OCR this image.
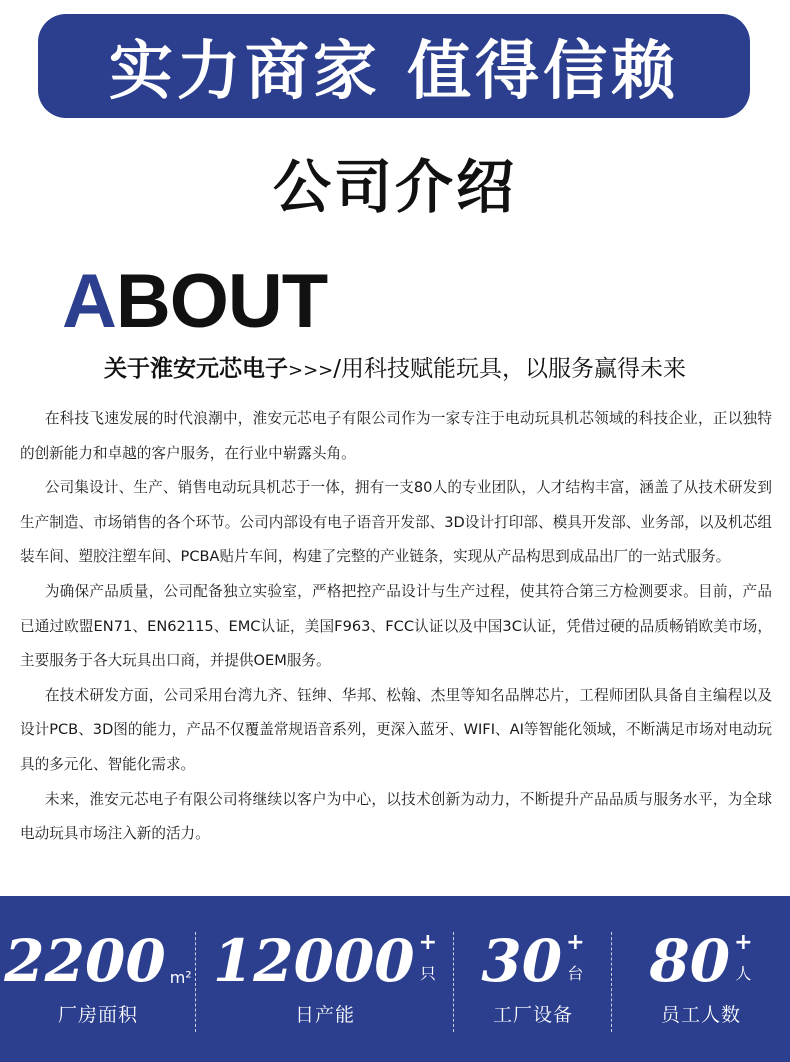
实力商家 值得信赖
公司介绍
ABOUT
关于淮安元芯电子>>>/用科技赋能玩具，以服务赢得未来

在科技飞速发展的时代浪潮中，淮安元芯电子有限公司作为一家专注于电动玩具机芯领域的科技企业，正以独特的创新能力和卓越的客户服务，在行业中崭露头角。

公司集设计、生产、销售电动玩具机芯于一体，拥有一支80人的专业团队，人才结构丰富，涵盖了从技术研发到生产制造、市场销售的各个环节。公司内部设有电子语音开发部、3D设计打印部、模具开发部、业务部，以及机芯组装车间、塑胶注塑车间、PCBA贴片车间，构建了完整的产业链条，实现从产品构思到成品出厂的一站式服务。

为确保产品质量，公司配备独立实验室，严格把控产品设计与生产过程，使其符合第三方检测要求。目前，产品已通过欧盟EN71、EN62115、EMC认证，美国F963、FCC认证以及中国3C认证，凭借过硬的品质畅销欧美市场，主要服务于各大玩具出口商，并提供OEM服务。

在技术研发方面，公司采用台湾九齐、钰绅、华邦、松翰、杰里等知名品牌芯片，工程师团队具备自主编程以及设计PCB、3D图的能力，产品不仅覆盖常规语音系列，更深入蓝牙、WIFI、AI等智能化领域，不断满足市场对电动玩具的多元化、智能化需求。

未来，淮安元芯电子有限公司将继续以客户为中心，以技术创新为动力，不断提升产品品质与服务水平，为全球电动玩具市场注入新的活力。

2200 m²
厂房面积
12000 +
只
日产能
30 +
台
工厂设备
80 +
人
员工人数
